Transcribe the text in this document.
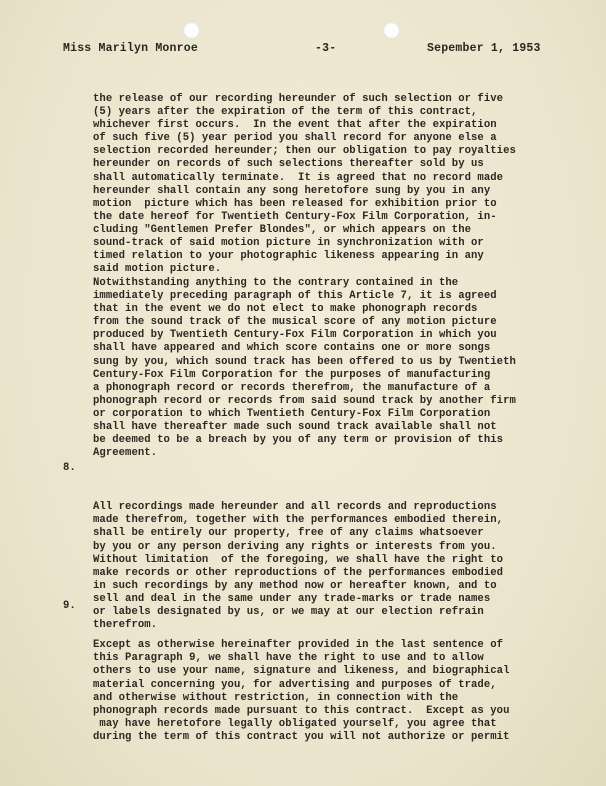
Miss Marilyn Monroe	-3-	Sepember 1, 1953
the release of our recording hereunder of such selection or five
(5) years after the expiration of the term of this contract,
whichever first occurs.  In the event that after the expiration
of such five (5) year period you shall record for anyone else a
selection recorded hereunder; then our obligation to pay royalties
hereunder on records of such selections thereafter sold by us
shall automatically terminate.  It is agreed that no record made
hereunder shall contain any song heretofore sung by you in any
motion  picture which has been released for exhibition prior to
the date hereof for Twentieth Century-Fox Film Corporation, in-
cluding "Gentlemen Prefer Blondes", or which appears on the
sound-track of said motion picture in synchronization with or
timed relation to your photographic likeness appearing in any
said motion picture.
Notwithstanding anything to the contrary contained in the
immediately preceding paragraph of this Article 7, it is agreed
that in the event we do not elect to make phonograph records
from the sound track of the musical score of any motion picture
produced by Twentieth Century-Fox Film Corporation in which you
shall have appeared and which score contains one or more songs
sung by you, which sound track has been offered to us by Twentieth
Century-Fox Film Corporation for the purposes of manufacturing
a phonograph record or records therefrom, the manufacture of a
phonograph record or records from said sound track by another firm
or corporation to which Twentieth Century-Fox Film Corporation
shall have thereafter made such sound track available shall not
be deemed to be a breach by you of any term or provision of this
Agreement.

8.

All recordings made hereunder and all records and reproductions
made therefrom, together with the performances embodied therein,
shall be entirely our property, free of any claims whatsoever
by you or any person deriving any rights or interests from you.
Without limitation  of the foregoing, we shall have the right to
make records or other reproductions of the performances embodied
in such recordings by any method now or hereafter known, and to
sell and deal in the same under any trade-marks or trade names
or labels designated by us, or we may at our election refrain
therefrom.

9.

Except as otherwise hereinafter provided in the last sentence of
this Paragraph 9, we shall have the right to use and to allow
others to use your name, signature and likeness, and biographical
material concerning you, for advertising and purposes of trade,
and otherwise without restriction, in connection with the
phonograph records made pursuant to this contract.  Except as you
may have heretofore legally obligated yourself, you agree that
during the term of this contract you will not authorize or permit
